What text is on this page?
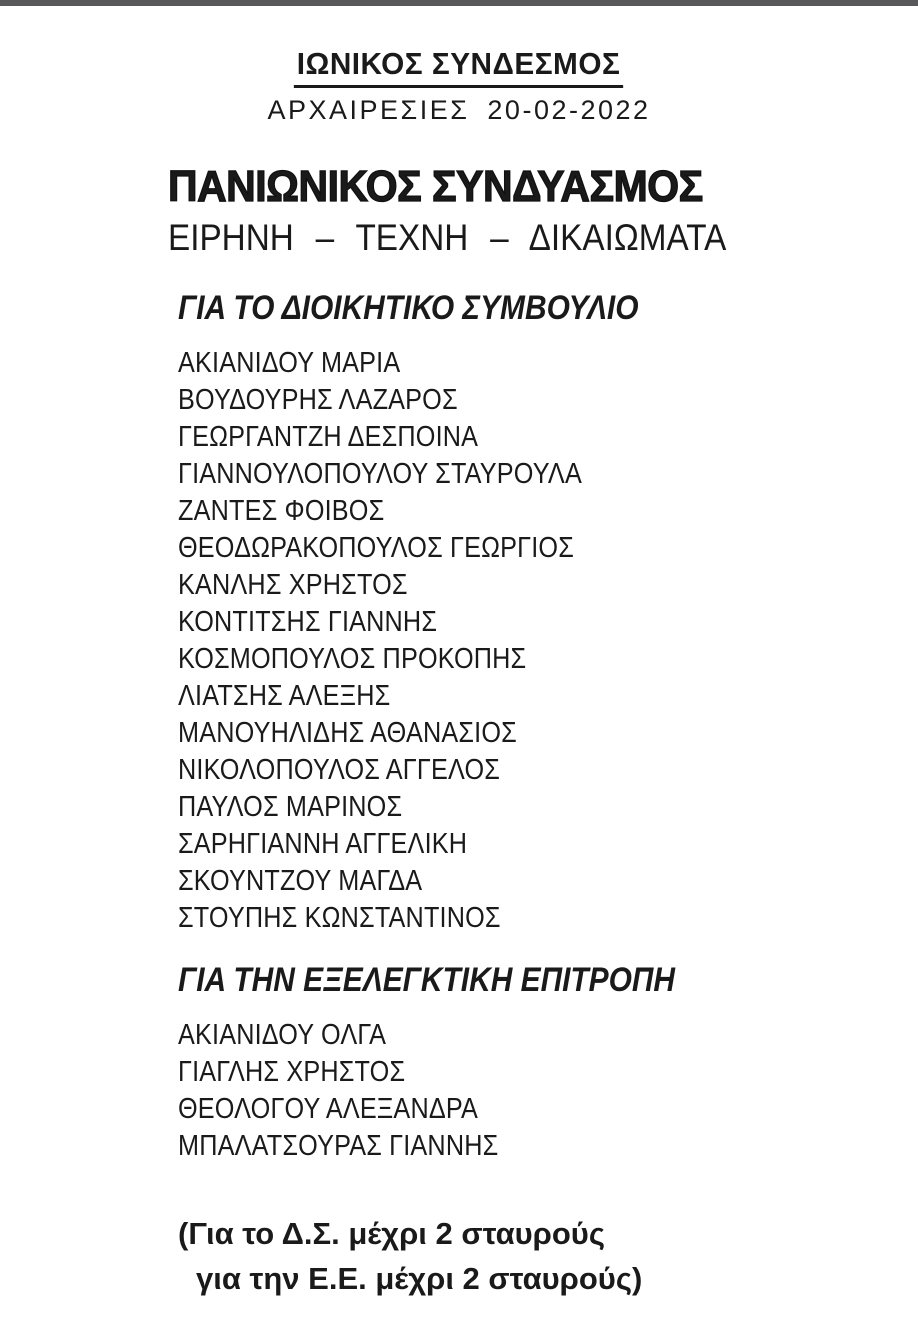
ΙΩΝΙΚΟΣ ΣΥΝΔΕΣΜΟΣ
ΑΡΧΑΙΡΕΣΙΕΣ 20-02-2022
ΠΑΝΙΩΝΙΚΟΣ ΣΥΝΔΥΑΣΜΟΣ
ΕΙΡΗΝΗ – ΤΕΧΝΗ – ΔΙΚΑΙΩΜΑΤΑ
ΓΙΑ ΤΟ ΔΙΟΙΚΗΤΙΚΟ ΣΥΜΒΟΥΛΙΟ
ΑΚΙΑΝΙΔΟΥ ΜΑΡΙΑ
ΒΟΥΔΟΥΡΗΣ ΛΑΖΑΡΟΣ
ΓΕΩΡΓΑΝΤΖΗ ΔΕΣΠΟΙΝΑ
ΓΙΑΝΝΟΥΛΟΠΟΥΛΟΥ ΣΤΑΥΡΟΥΛΑ
ΖΑΝΤΕΣ ΦΟΙΒΟΣ
ΘΕΟΔΩΡΑΚΟΠΟΥΛΟΣ ΓΕΩΡΓΙΟΣ
ΚΑΝΛΗΣ ΧΡΗΣΤΟΣ
ΚΟΝΤΙΤΣΗΣ ΓΙΑΝΝΗΣ
ΚΟΣΜΟΠΟΥΛΟΣ ΠΡΟΚΟΠΗΣ
ΛΙΑΤΣΗΣ ΑΛΕΞΗΣ
ΜΑΝΟΥΗΛΙΔΗΣ ΑΘΑΝΑΣΙΟΣ
ΝΙΚΟΛΟΠΟΥΛΟΣ ΑΓΓΕΛΟΣ
ΠΑΥΛΟΣ ΜΑΡΙΝΟΣ
ΣΑΡΗΓΙΑΝΝΗ ΑΓΓΕΛΙΚΗ
ΣΚΟΥΝΤΖΟΥ ΜΑΓΔΑ
ΣΤΟΥΠΗΣ ΚΩΝΣΤΑΝΤΙΝΟΣ
ΓΙΑ ΤΗΝ ΕΞΕΛΕΓΚΤΙΚΗ ΕΠΙΤΡΟΠΗ
ΑΚΙΑΝΙΔΟΥ ΟΛΓΑ
ΓΙΑΓΛΗΣ ΧΡΗΣΤΟΣ
ΘΕΟΛΟΓΟΥ ΑΛΕΞΑΝΔΡΑ
ΜΠΑΛΑΤΣΟΥΡΑΣ ΓΙΑΝΝΗΣ
(Για το Δ.Σ. μέχρι 2 σταυρούς
για την Ε.Ε. μέχρι 2 σταυρούς)
